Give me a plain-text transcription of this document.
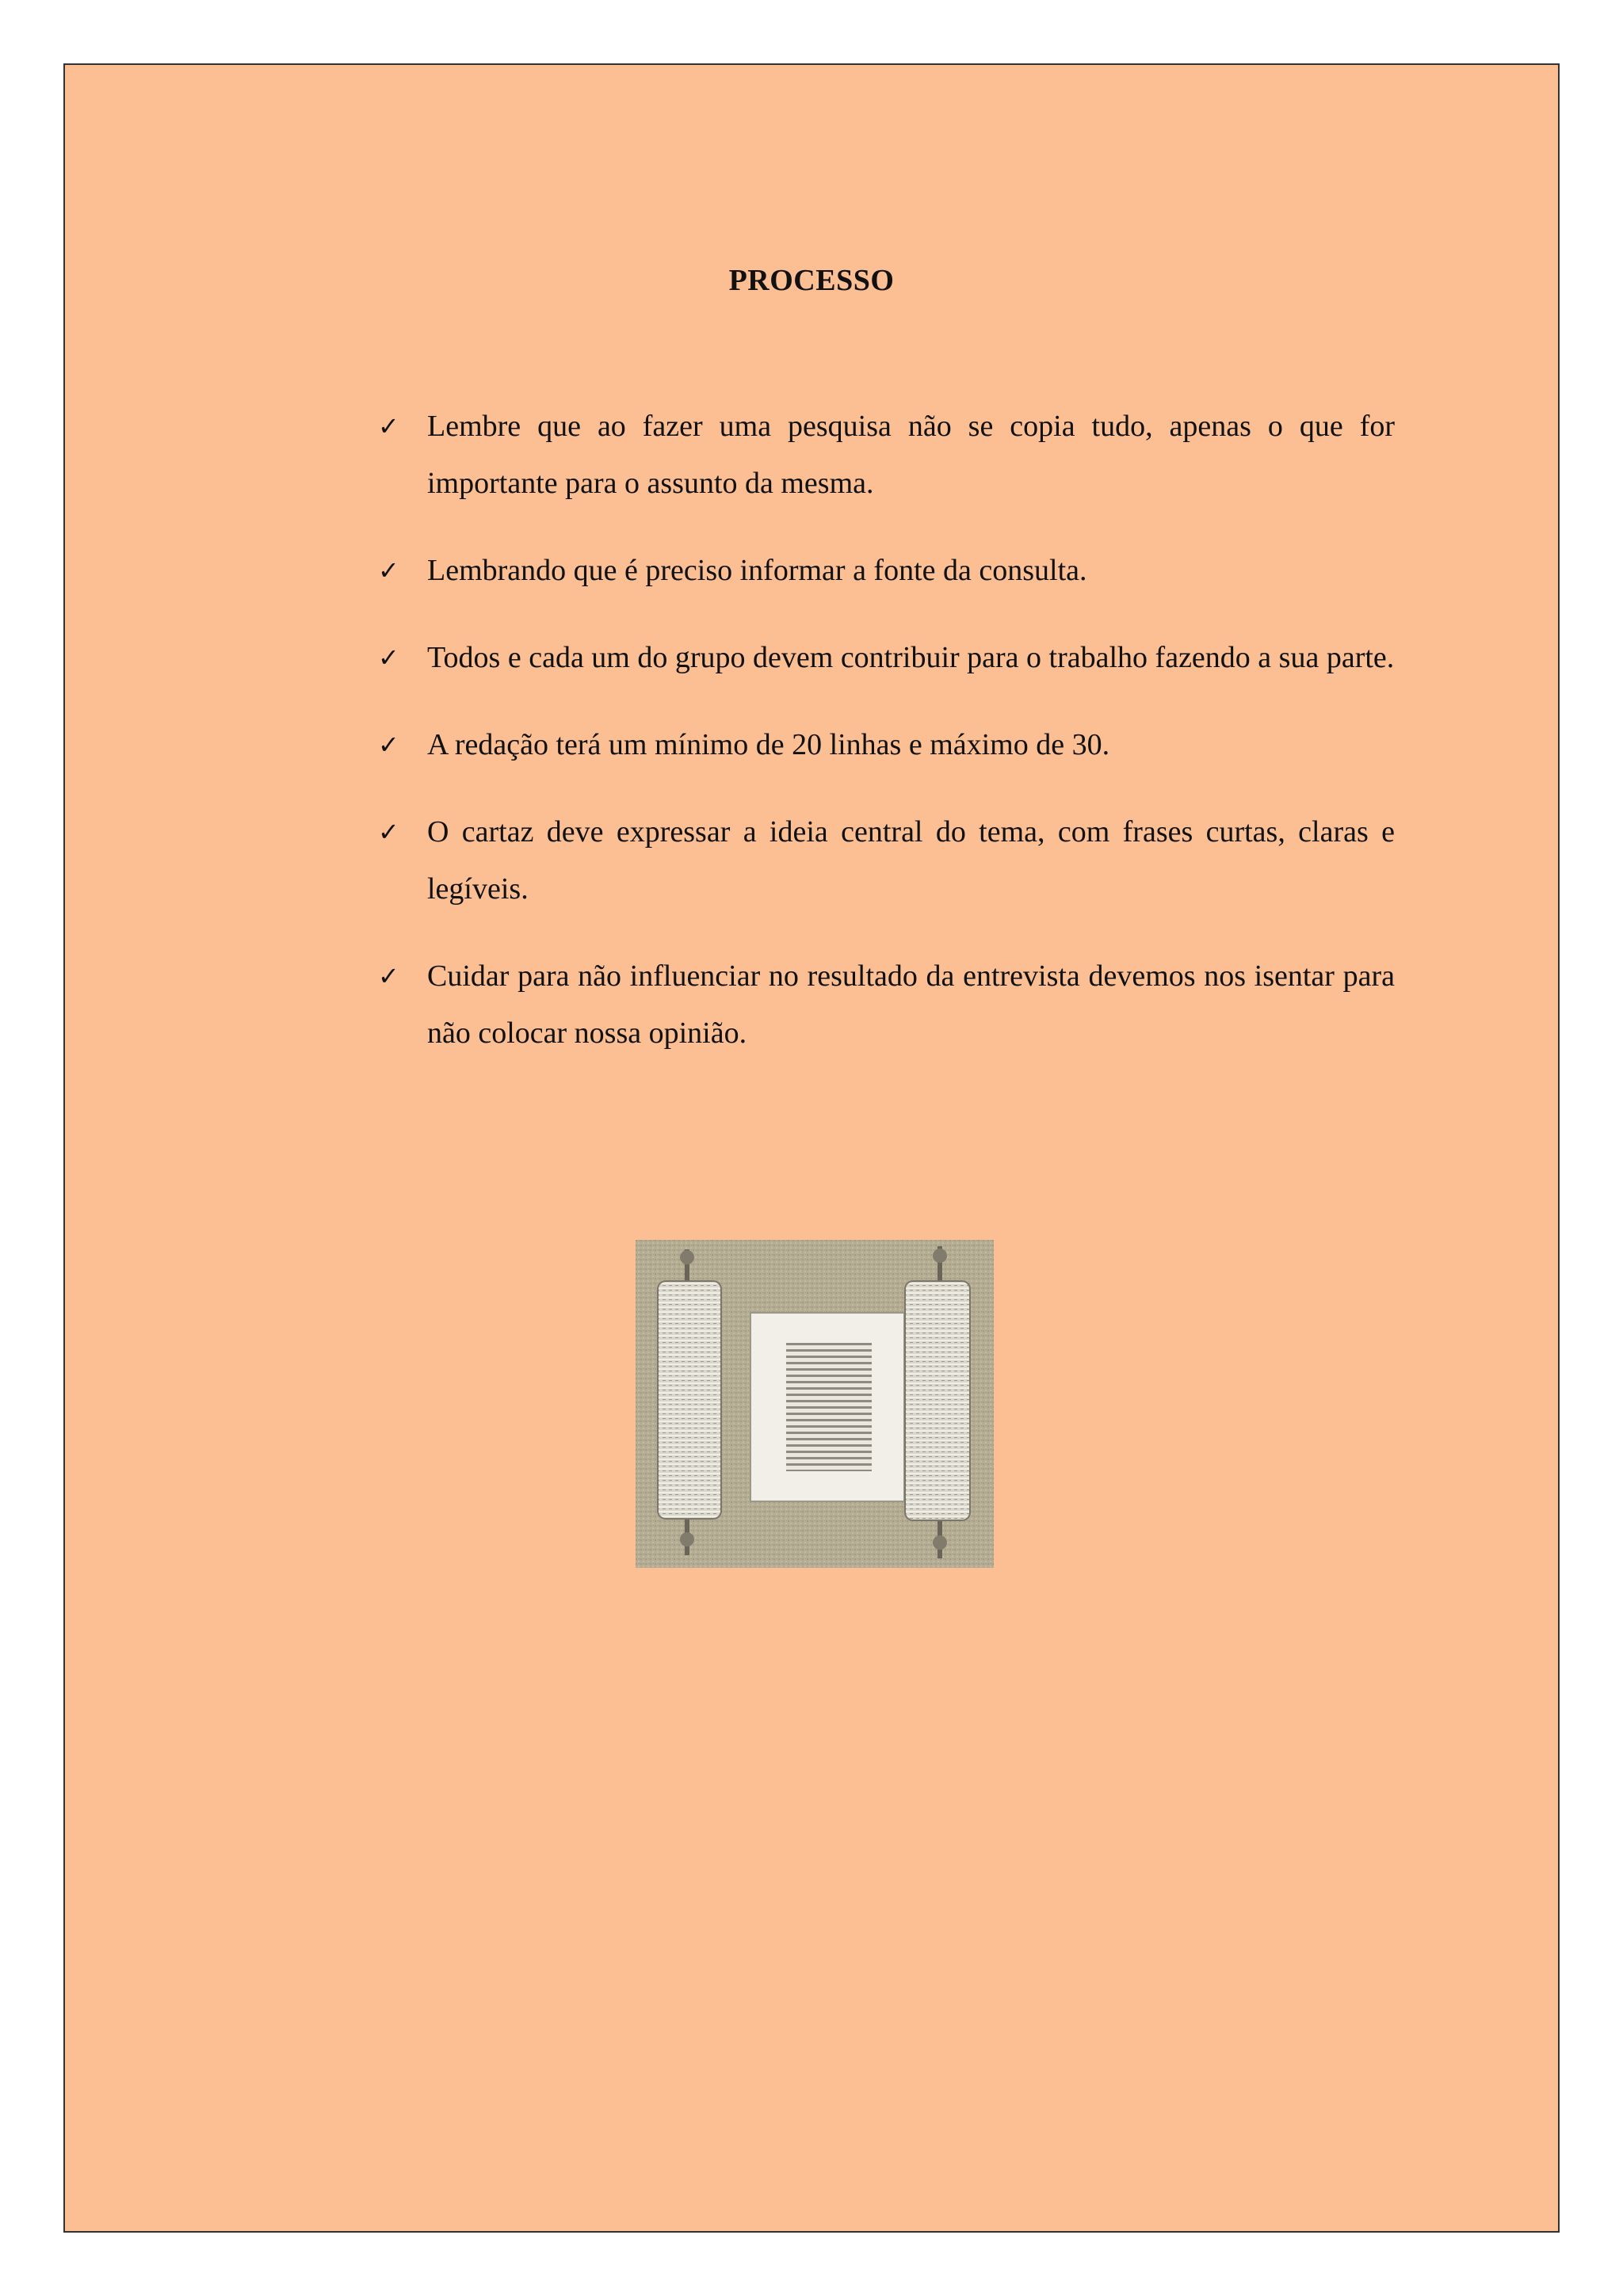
PROCESSO
✓ Lembre que ao fazer uma pesquisa não se copia tudo, apenas o que for importante para o assunto da mesma.
✓ Lembrando que é preciso informar a fonte da consulta.
✓ Todos e cada um do grupo devem contribuir para o trabalho fazendo a sua parte.
✓ A redação terá um mínimo de 20 linhas e máximo de 30.
✓ O cartaz deve expressar a ideia central do tema, com frases curtas, claras e legíveis.
✓ Cuidar para não influenciar no resultado da entrevista devemos nos isentar para não colocar nossa opinião.
